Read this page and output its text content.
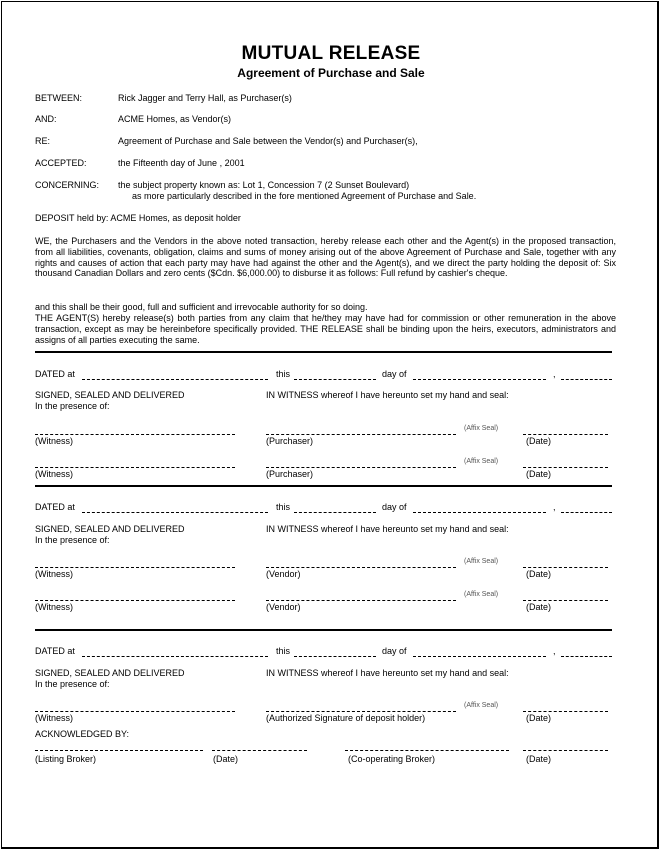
MUTUAL RELEASE
Agreement of Purchase and Sale
BETWEEN:	Rick Jagger and Terry Hall, as Purchaser(s)
AND:	ACME Homes, as Vendor(s)
RE:	Agreement of Purchase and Sale between the Vendor(s) and Purchaser(s),
ACCEPTED:	the Fifteenth day of June , 2001
CONCERNING: the subject property known as: Lot 1, Concession 7 (2 Sunset Boulevard)
as more particularly described in the fore mentioned Agreement of Purchase and Sale.
DEPOSIT held by: ACME Homes, as deposit holder
WE, the Purchasers and the Vendors in the above noted transaction, hereby release each other and the Agent(s) in the proposed transaction, from all liabilities, covenants, obligation, claims and sums of money arising out of the above Agreement of Purchase and Sale, together with any rights and causes of action that each party may have had against the other and the Agent(s), and we direct the party holding the deposit of: Six thousand Canadian Dollars and zero cents ($Cdn. $6,000.00) to disburse it as follows: Full refund by cashier's cheque.
and this shall be their good, full and sufficient and irrevocable authority for so doing.
THE AGENT(S) hereby release(s) both parties from any claim that he/they may have had for commission or other remuneration in the above transaction, except as may be hereinbefore specifically provided. THE RELEASE shall be binding upon the heirs, executors, administrators and assigns of all parties executing the same.
DATED at	this	day of	,
SIGNED, SEALED AND DELIVERED
In the presence of:
IN WITNESS whereof I have hereunto set my hand and seal:
(Affix Seal)
(Witness)	(Purchaser)	(Date)
(Affix Seal)
(Witness)	(Purchaser)	(Date)
DATED at	this	day of	,
SIGNED, SEALED AND DELIVERED
In the presence of:
IN WITNESS whereof I have hereunto set my hand and seal:
(Affix Seal)
(Witness)	(Vendor)	(Date)
(Affix Seal)
(Witness)	(Vendor)	(Date)
DATED at	this	day of	,
SIGNED, SEALED AND DELIVERED
In the presence of:
IN WITNESS whereof I have hereunto set my hand and seal:
(Affix Seal)
(Witness)	(Authorized Signature of deposit holder)	(Date)
ACKNOWLEDGED BY:
(Listing Broker)	(Date)	(Co-operating Broker)	(Date)
